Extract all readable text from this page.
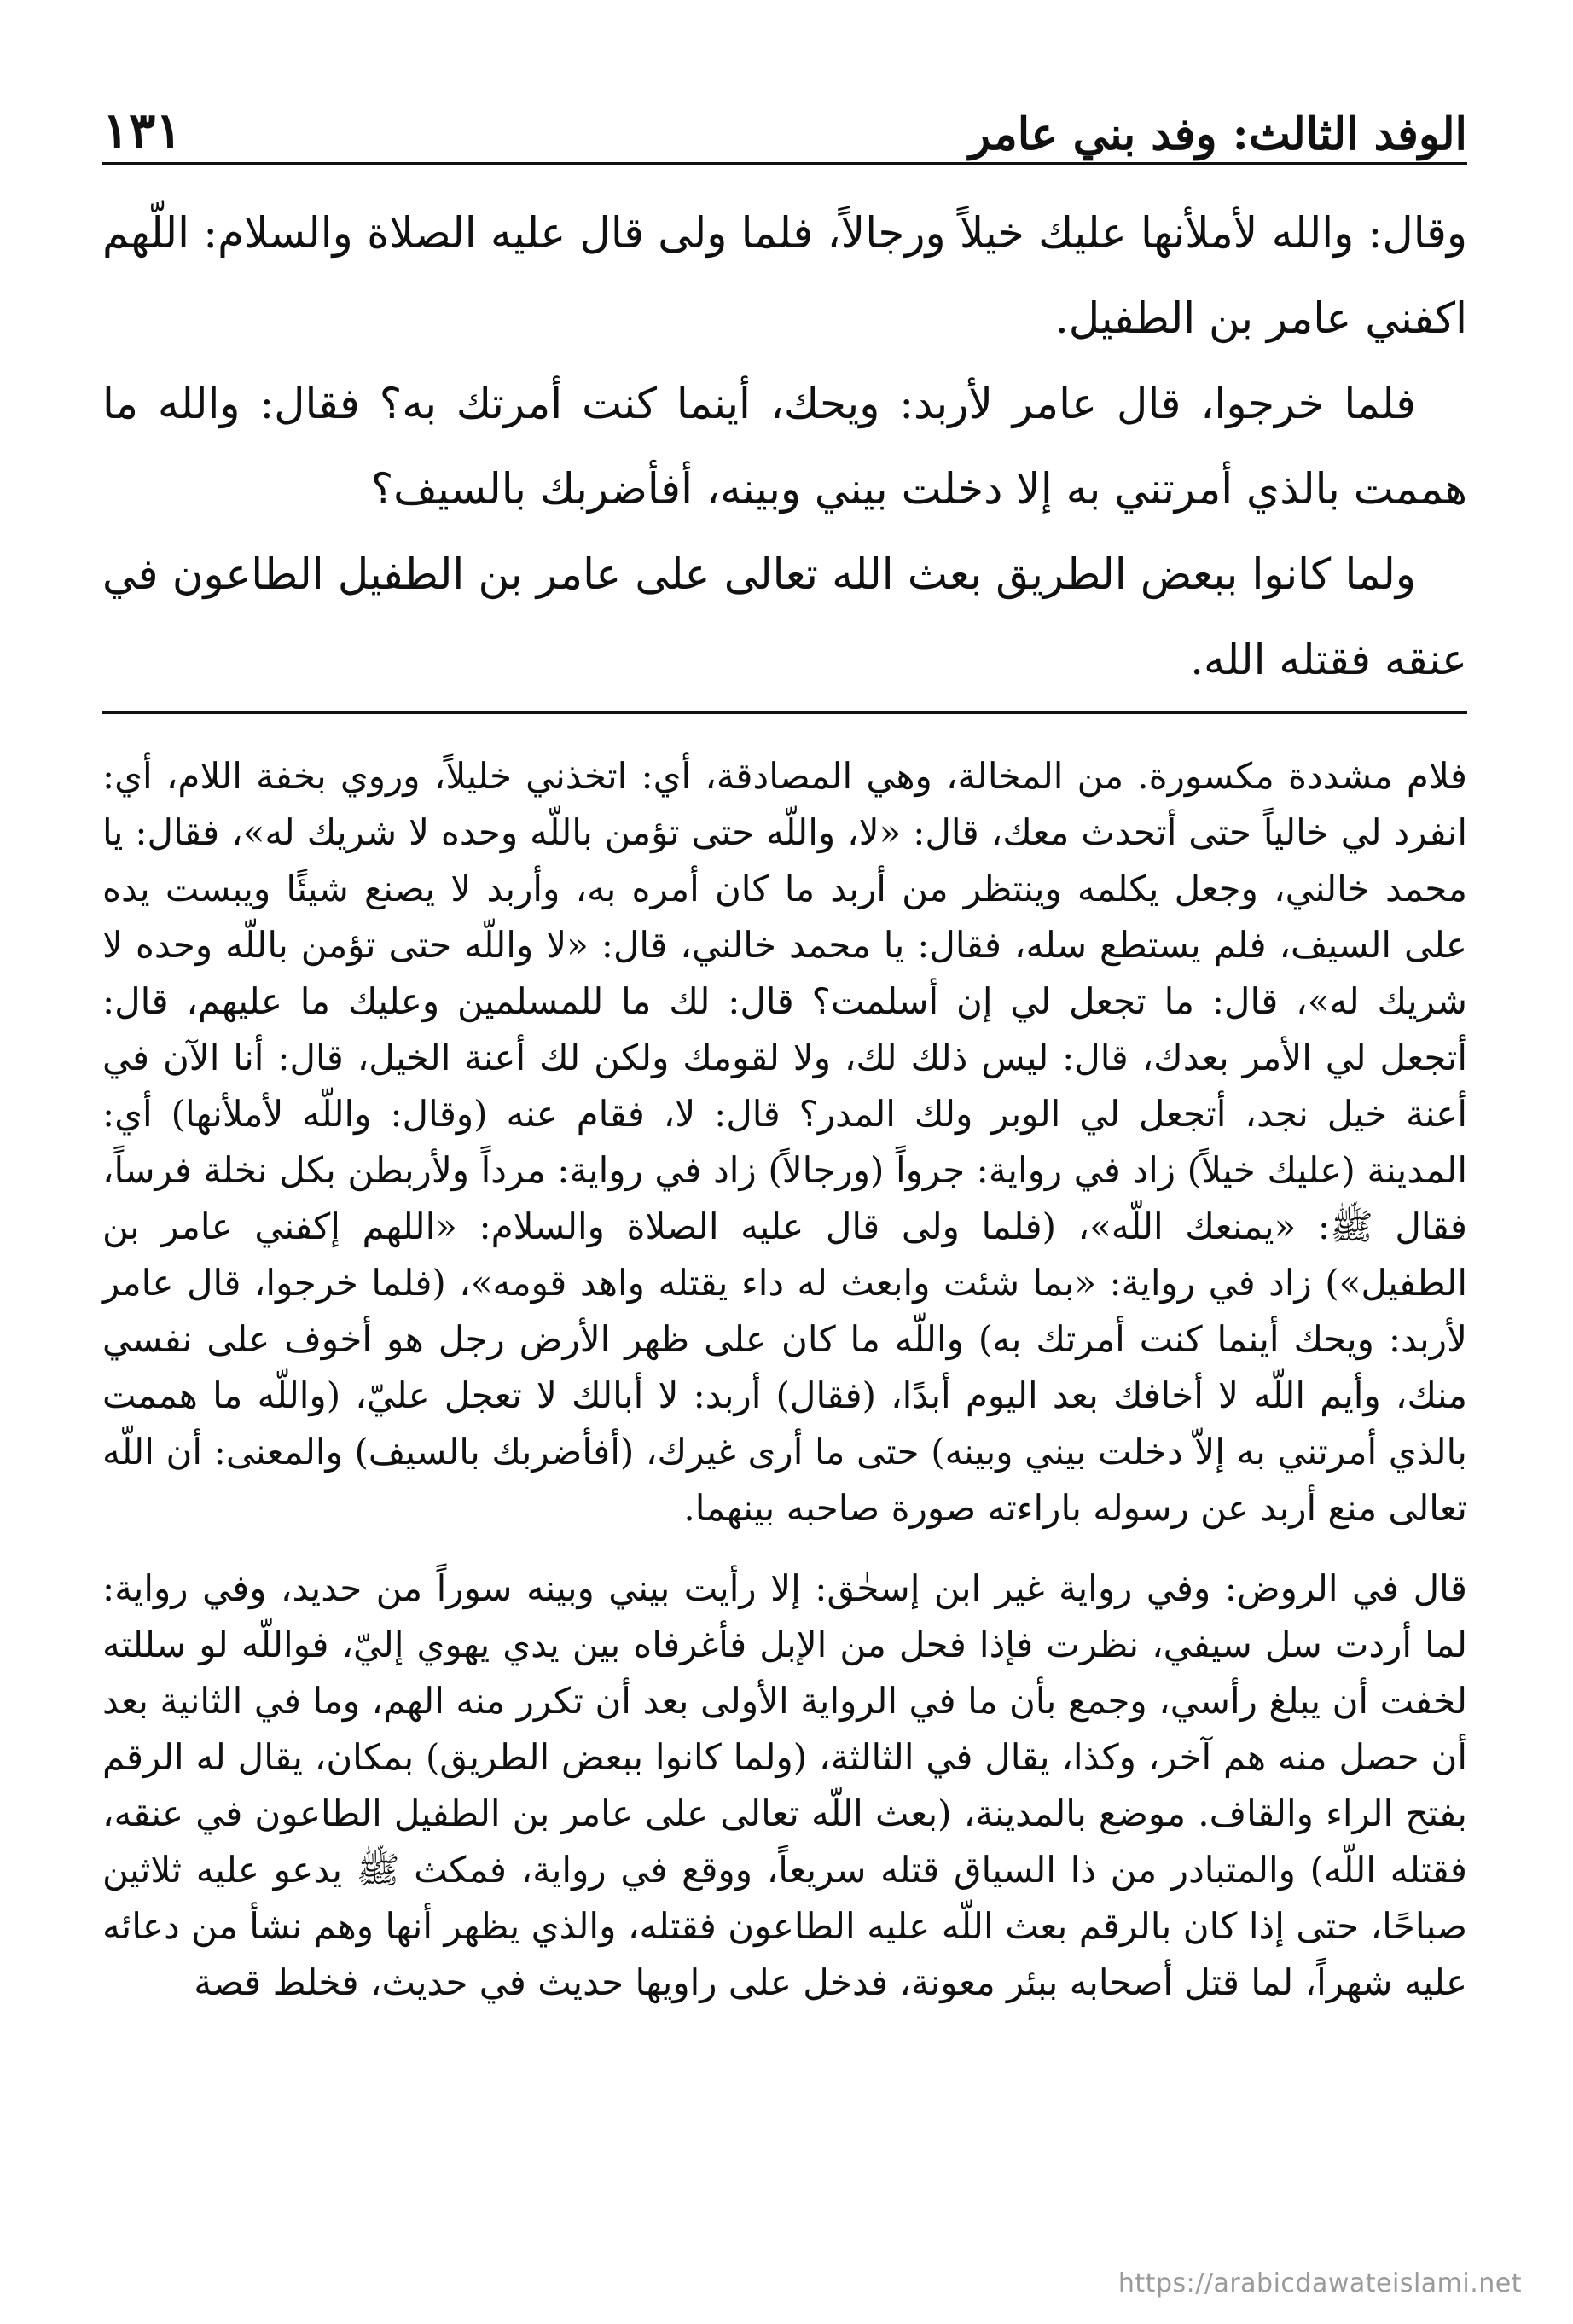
الوفد الثالث: وفد بني عامر
١٣١

وقال: والله لأملأنها عليك خيلاً ورجالاً، فلما ولى قال عليه الصلاة والسلام: اللّهم اكفني عامر بن الطفيل.

فلما خرجوا، قال عامر لأربد: ويحك، أينما كنت أمرتك به؟ فقال: والله ما هممت بالذي أمرتني به إلا دخلت بيني وبينه، أفأضربك بالسيف؟

ولما كانوا ببعض الطريق بعث الله تعالى على عامر بن الطفيل الطاعون في عنقه فقتله الله.

فلام مشددة مكسورة. من المخالة، وهي المصادقة، أي: اتخذني خليلاً، وروي بخفة اللام، أي: انفرد لي خالياً حتى أتحدث معك، قال: «لا، واللّه حتى تؤمن باللّه وحده لا شريك له»، فقال: يا محمد خالني، وجعل يكلمه وينتظر من أربد ما كان أمره به، وأربد لا يصنع شيئًا ويبست يده على السيف، فلم يستطع سله، فقال: يا محمد خالني، قال: «لا واللّه حتى تؤمن باللّه وحده لا شريك له»، قال: ما تجعل لي إن أسلمت؟ قال: لك ما للمسلمين وعليك ما عليهم، قال: أتجعل لي الأمر بعدك، قال: ليس ذلك لك، ولا لقومك ولكن لك أعنة الخيل، قال: أنا الآن في أعنة خيل نجد، أتجعل لي الوبر ولك المدر؟ قال: لا، فقام عنه (وقال: واللّه لأملأنها) أي: المدينة (عليك خيلاً) زاد في رواية: جرواً (ورجالاً) زاد في رواية: مرداً ولأربطن بكل نخلة فرساً، فقال ﷺ: «يمنعك اللّه»، (فلما ولى قال عليه الصلاة والسلام: «اللهم إكفني عامر بن الطفيل») زاد في رواية: «بما شئت وابعث له داء يقتله واهد قومه»، (فلما خرجوا، قال عامر لأربد: ويحك أينما كنت أمرتك به) واللّه ما كان على ظهر الأرض رجل هو أخوف على نفسي منك، وأيم اللّه لا أخافك بعد اليوم أبدًا، (فقال) أربد: لا أبالك لا تعجل عليّ، (واللّه ما هممت بالذي أمرتني به إلاّ دخلت بيني وبينه) حتى ما أرى غيرك، (أفأضربك بالسيف) والمعنى: أن اللّه تعالى منع أربد عن رسوله باراءته صورة صاحبه بينهما.

قال في الروض: وفي رواية غير ابن إسحٰق: إلا رأيت بيني وبينه سوراً من حديد، وفي رواية: لما أردت سل سيفي، نظرت فإذا فحل من الإبل فأغرفاه بين يدي يهوي إليّ، فواللّه لو سللته لخفت أن يبلغ رأسي، وجمع بأن ما في الرواية الأولى بعد أن تكرر منه الهم، وما في الثانية بعد أن حصل منه هم آخر، وكذا، يقال في الثالثة، (ولما كانوا ببعض الطريق) بمكان، يقال له الرقم بفتح الراء والقاف. موضع بالمدينة، (بعث اللّه تعالى على عامر بن الطفيل الطاعون في عنقه، فقتله اللّه) والمتبادر من ذا السياق قتله سريعاً، ووقع في رواية، فمكث ﷺ يدعو عليه ثلاثين صباحًا، حتى إذا كان بالرقم بعث اللّه عليه الطاعون فقتله، والذي يظهر أنها وهم نشأ من دعائه عليه شهراً، لما قتل أصحابه ببئر معونة، فدخل على راويها حديث في حديث، فخلط قصة

https://arabicdawateislami.net
